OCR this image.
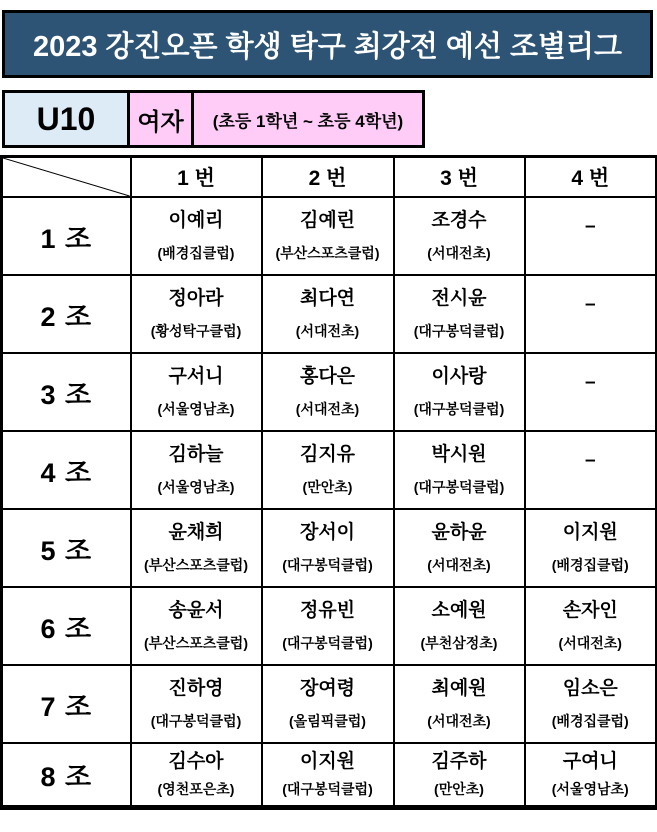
2023 강진오픈 학생 탁구 최강전 예선 조별리그
U10	여자	(초등 1학년 ~ 초등 4학년)
	1 번	2 번	3 번	4 번
1 조	
이예리
(배경집클럽)

김예린
(부산스포츠클럽)

조경수
(서대전초)

–

2 조	
정아라
(황성탁구클럽)

최다연
(서대전초)

전시윤
(대구봉덕클럽)

–

3 조	
구서니
(서울영남초)

홍다은
(서대전초)

이사랑
(대구봉덕클럽)

–

4 조	
김하늘
(서울영남초)

김지유
(만안초)

박시원
(대구봉덕클럽)

–

5 조	
윤채희
(부산스포츠클럽)

장서이
(대구봉덕클럽)

윤하윤
(서대전초)

이지원
(배경집클럽)

6 조	
송윤서
(부산스포츠클럽)

정유빈
(대구봉덕클럽)

소예원
(부천삼정초)

손자인
(서대전초)

7 조	
진하영
(대구봉덕클럽)

장여령
(올림픽클럽)

최예원
(서대전초)

임소은
(배경집클럽)

8 조	
김수아
(영천포은초)

이지원
(대구봉덕클럽)

김주하
(만안초)

구여니
(서울영남초)
